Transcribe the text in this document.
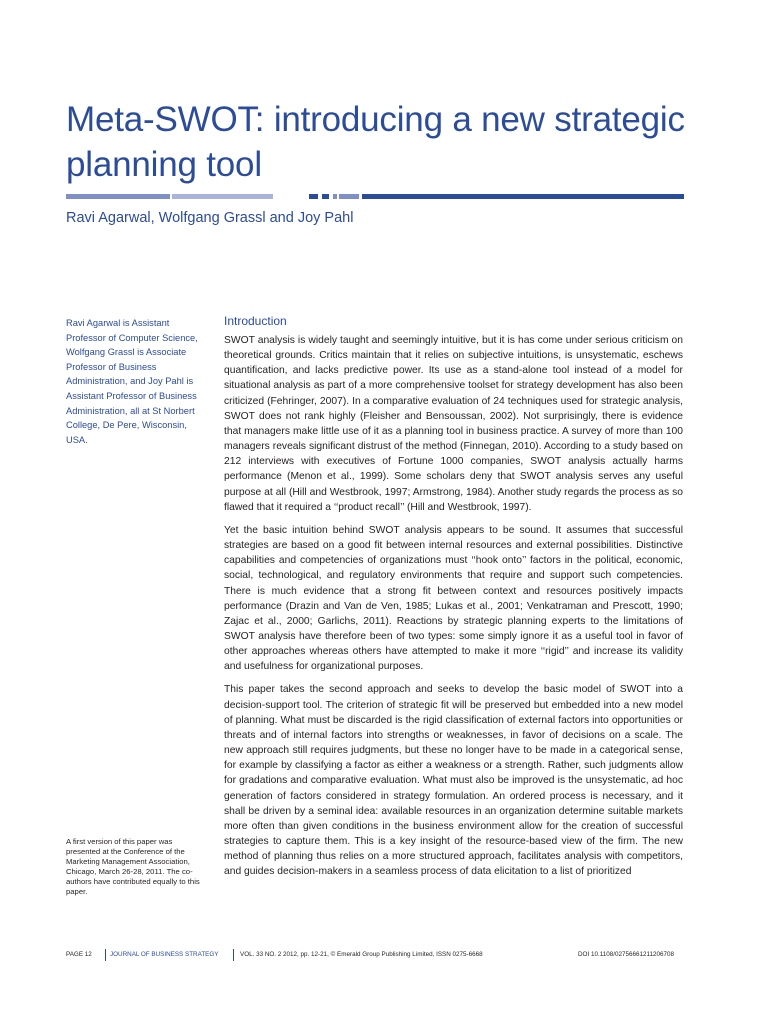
Meta-SWOT: introducing a new strategic planning tool
Ravi Agarwal, Wolfgang Grassl and Joy Pahl
Ravi Agarwal is Assistant Professor of Computer Science, Wolfgang Grassl is Associate Professor of Business Administration, and Joy Pahl is Assistant Professor of Business Administration, all at St Norbert College, De Pere, Wisconsin, USA.
A first version of this paper was presented at the Conference of the Marketing Management Association, Chicago, March 26-28, 2011. The co-authors have contributed equally to this paper.
Introduction

SWOT analysis is widely taught and seemingly intuitive, but it is has come under serious criticism on theoretical grounds. Critics maintain that it relies on subjective intuitions, is unsystematic, eschews quantification, and lacks predictive power. Its use as a stand-alone tool instead of a model for situational analysis as part of a more comprehensive toolset for strategy development has also been criticized (Fehringer, 2007). In a comparative evaluation of 24 techniques used for strategic analysis, SWOT does not rank highly (Fleisher and Bensoussan, 2002). Not surprisingly, there is evidence that managers make little use of it as a planning tool in business practice. A survey of more than 100 managers reveals significant distrust of the method (Finnegan, 2010). According to a study based on 212 interviews with executives of Fortune 1000 companies, SWOT analysis actually harms performance (Menon et al., 1999). Some scholars deny that SWOT analysis serves any useful purpose at all (Hill and Westbrook, 1997; Armstrong, 1984). Another study regards the process as so flawed that it required a ‘‘product recall’’ (Hill and Westbrook, 1997).

Yet the basic intuition behind SWOT analysis appears to be sound. It assumes that successful strategies are based on a good fit between internal resources and external possibilities. Distinctive capabilities and competencies of organizations must ‘‘hook onto’’ factors in the political, economic, social, technological, and regulatory environments that require and support such competencies. There is much evidence that a strong fit between context and resources positively impacts performance (Drazin and Van de Ven, 1985; Lukas et al., 2001; Venkatraman and Prescott, 1990; Zajac et al., 2000; Garlichs, 2011). Reactions by strategic planning experts to the limitations of SWOT analysis have therefore been of two types: some simply ignore it as a useful tool in favor of other approaches whereas others have attempted to make it more ‘‘rigid’’ and increase its validity and usefulness for organizational purposes.

This paper takes the second approach and seeks to develop the basic model of SWOT into a decision-support tool. The criterion of strategic fit will be preserved but embedded into a new model of planning. What must be discarded is the rigid classification of external factors into opportunities or threats and of internal factors into strengths or weaknesses, in favor of decisions on a scale. The new approach still requires judgments, but these no longer have to be made in a categorical sense, for example by classifying a factor as either a weakness or a strength. Rather, such judgments allow for gradations and comparative evaluation. What must also be improved is the unsystematic, ad hoc generation of factors considered in strategy formulation. An ordered process is necessary, and it shall be driven by a seminal idea: available resources in an organization determine suitable markets more often than given conditions in the business environment allow for the creation of successful strategies to capture them. This is a key insight of the resource-based view of the firm. The new method of planning thus relies on a more structured approach, facilitates analysis with competitors, and guides decision-makers in a seamless process of data elicitation to a list of prioritized

PAGE 12	JOURNAL OF BUSINESS STRATEGY	VOL. 33 NO. 2 2012, pp. 12-21, © Emerald Group Publishing Limited, ISSN 0275-6668	DOI 10.1108/02756661211206708
